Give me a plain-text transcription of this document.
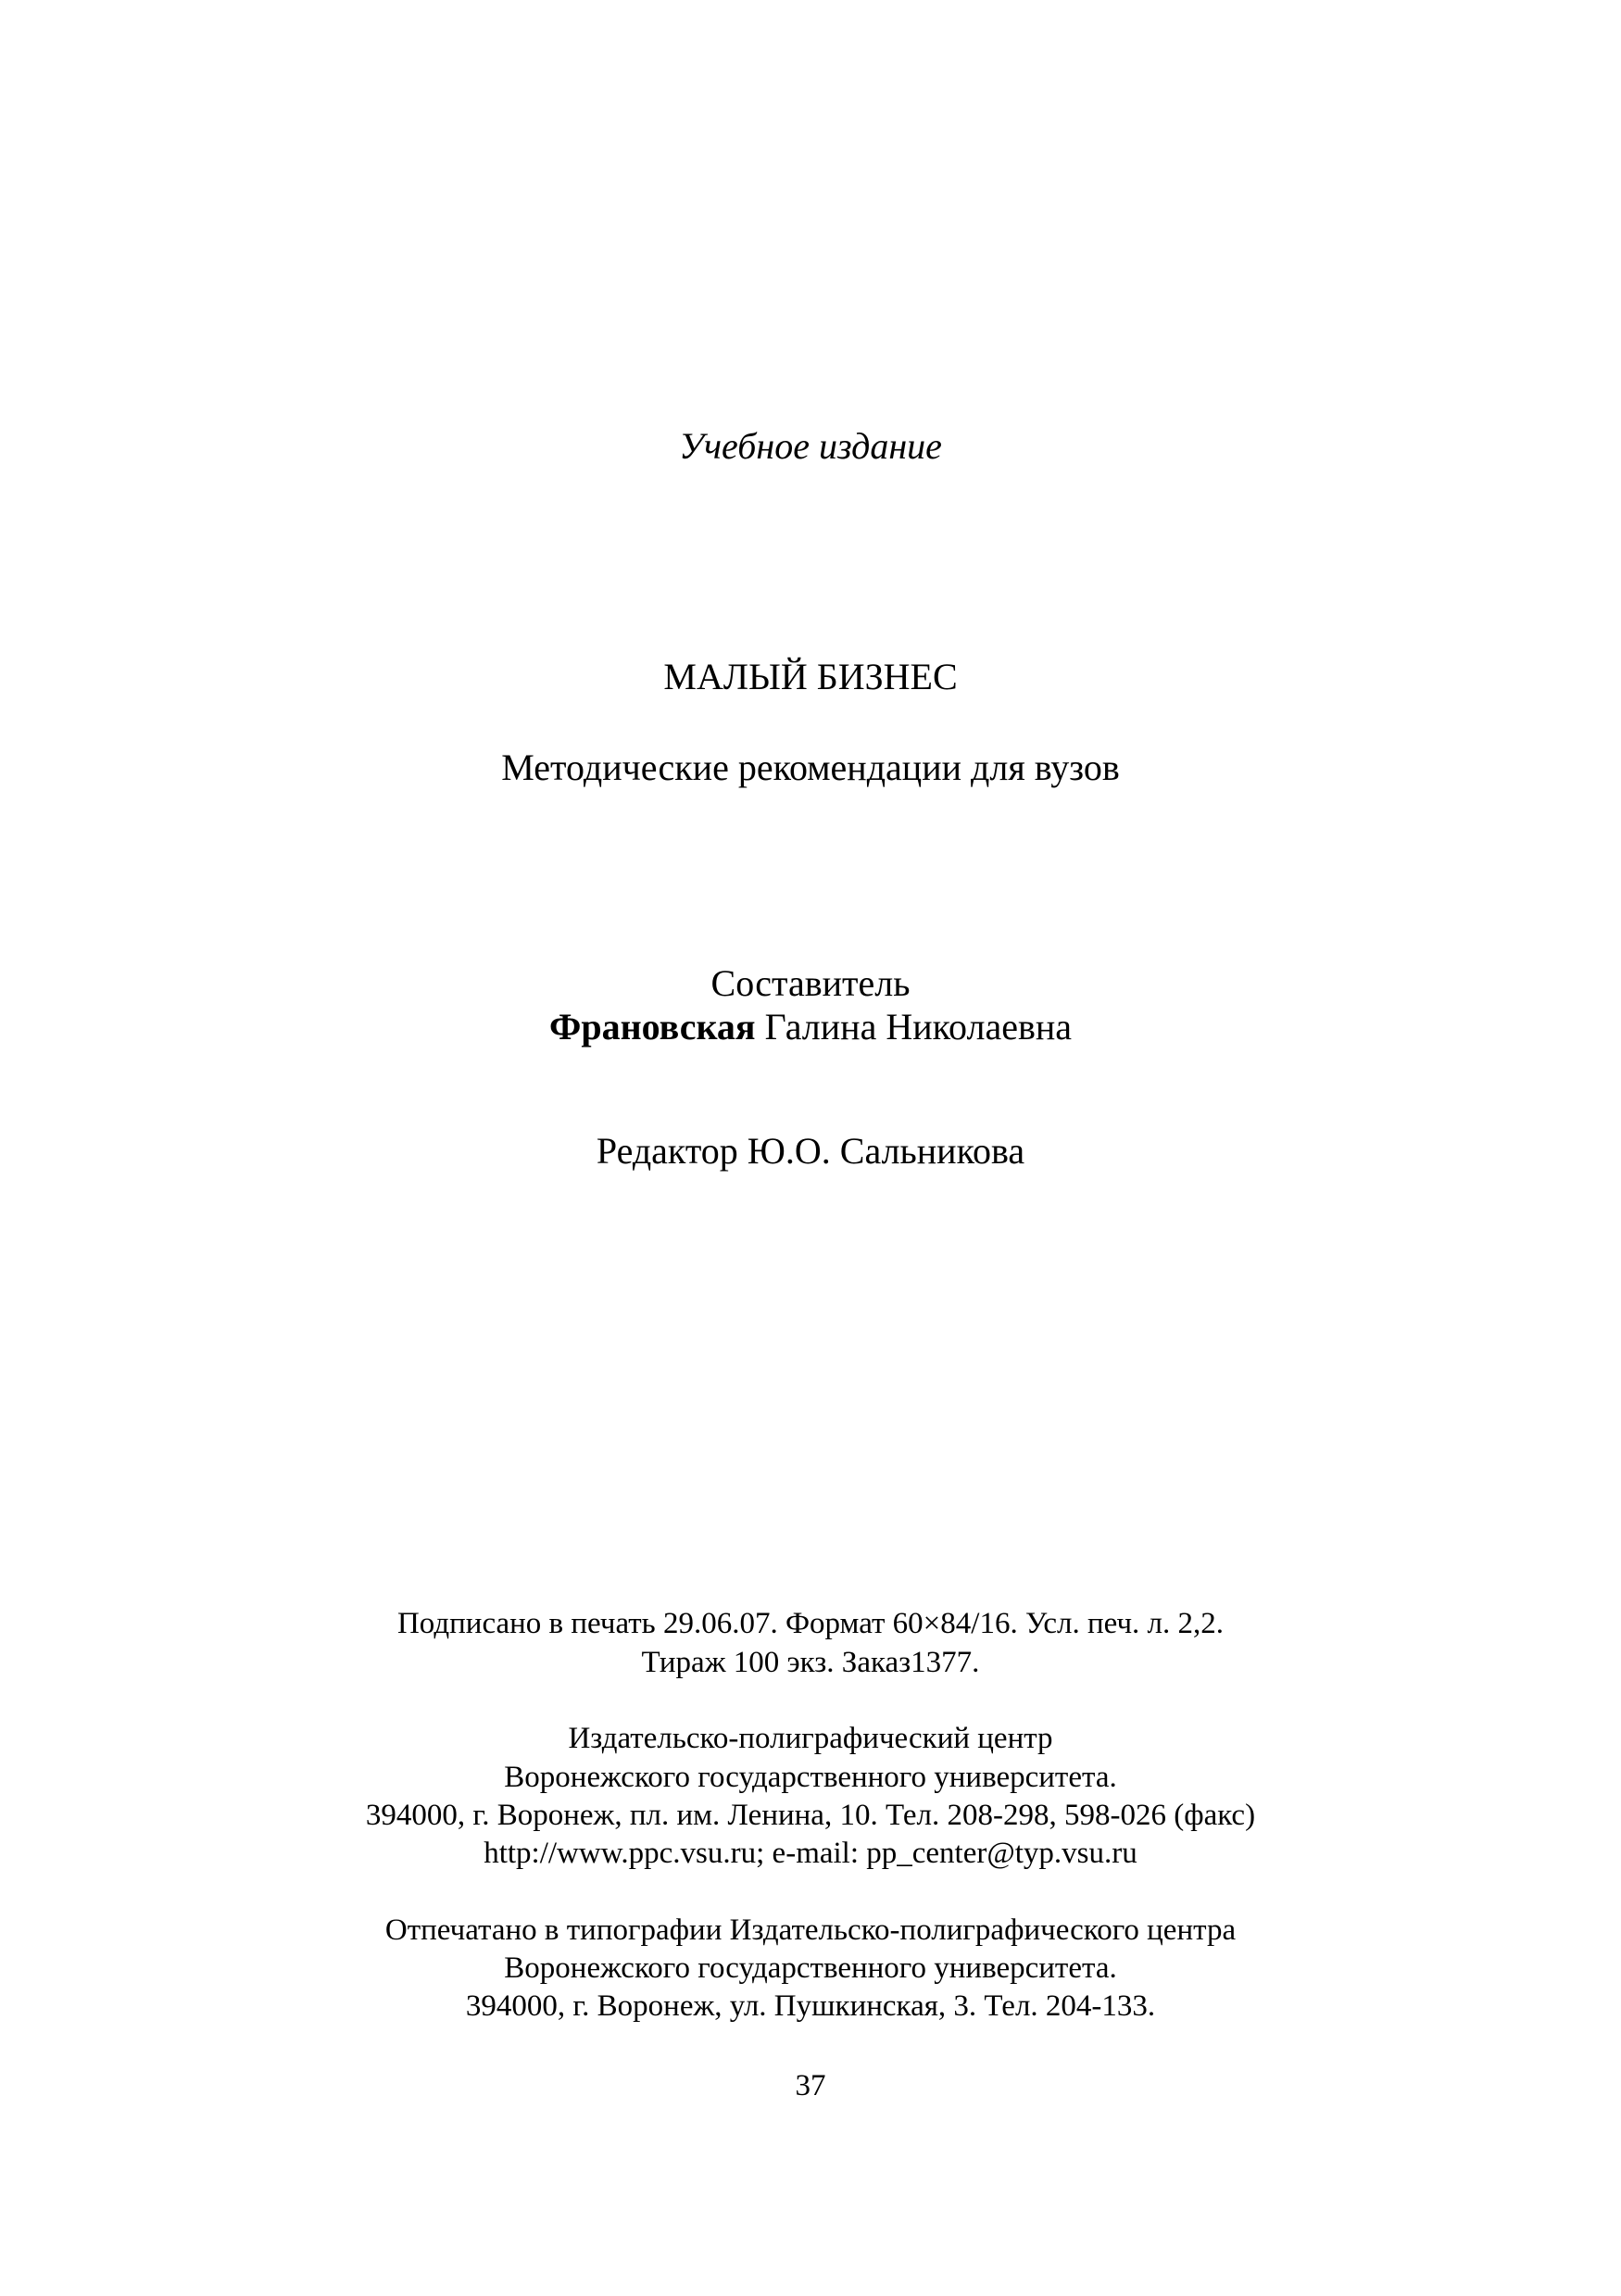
Учебное издание
МАЛЫЙ БИЗНЕС
Методические рекомендации для вузов
Составитель
Франовская Галина Николаевна
Редактор Ю.О. Сальникова
Подписано в печать 29.06.07. Формат 60×84/16. Усл. печ. л. 2,2.
Тираж 100 экз. Заказ1377.
Издательско-полиграфический центр
Воронежского государственного университета.
394000, г. Воронеж, пл. им. Ленина, 10. Тел. 208-298, 598-026 (факс)
http://www.ppc.vsu.ru; e-mail: pp_center@typ.vsu.ru
Отпечатано в типографии Издательско-полиграфического центра
Воронежского государственного университета.
394000, г. Воронеж, ул. Пушкинская, 3. Тел. 204-133.
37
